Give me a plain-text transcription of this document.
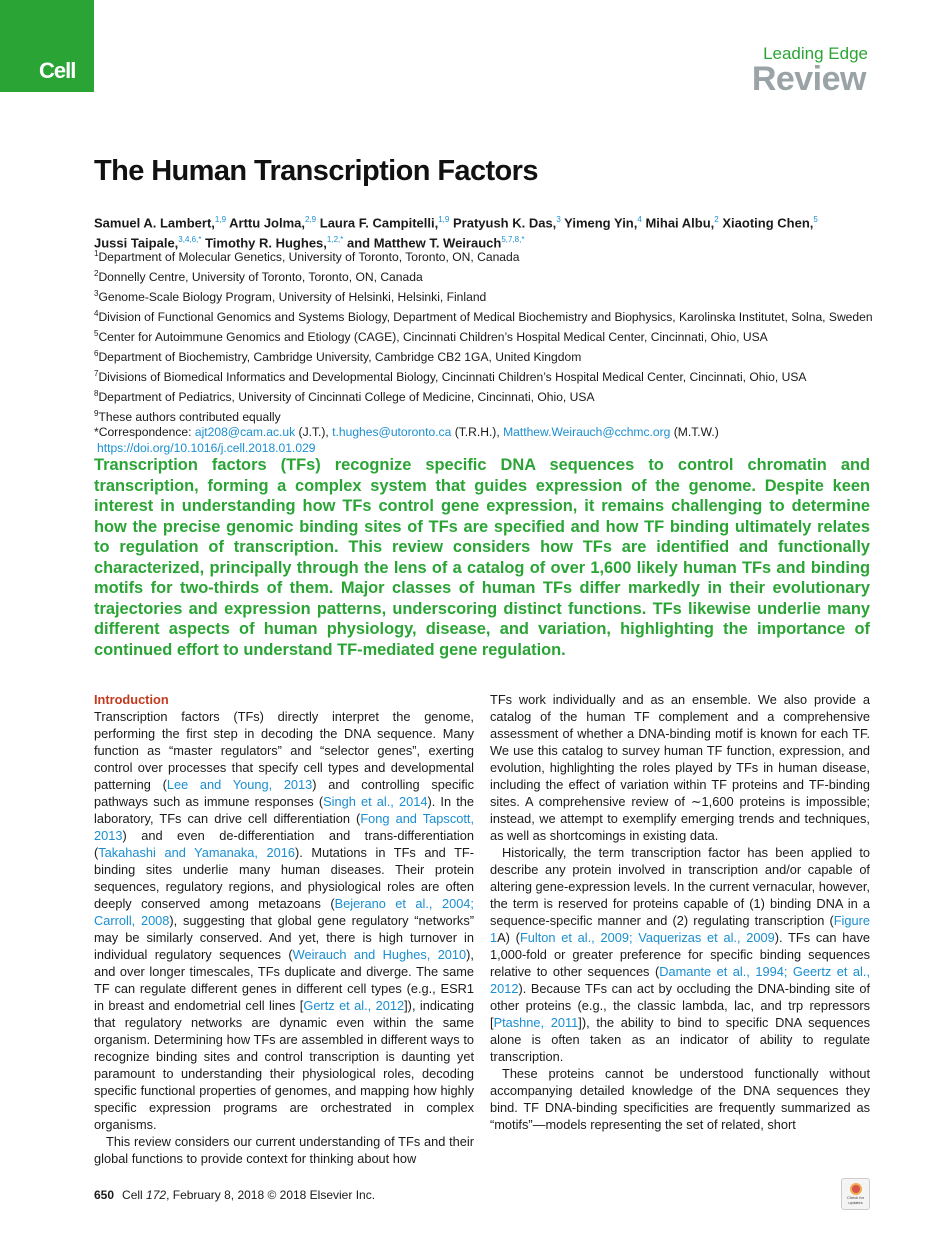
Cell
Leading Edge
Review
The Human Transcription Factors

Samuel A. Lambert,$^{1,9}$ Arttu Jolma,$^{2,9}$ Laura F. Campitelli,$^{1,9}$ Pratyush K. Das,$^3$ Yimeng Yin,$^4$ Mihai Albu,$^2$ Xiaoting Chen,$^5$
Jussi Taipale,$^{3,4,6,*}$ Timothy R. Hughes,$^{1,2,*}$ and Matthew T. Weirauch$^{5,7,8,*}$

$^1$Department of Molecular Genetics, University of Toronto, Toronto, ON, Canada

$^2$Donnelly Centre, University of Toronto, Toronto, ON, Canada

$^3$Genome-Scale Biology Program, University of Helsinki, Helsinki, Finland

$^4$Division of Functional Genomics and Systems Biology, Department of Medical Biochemistry and Biophysics, Karolinska Institutet, Solna, Sweden

$^5$Center for Autoimmune Genomics and Etiology (CAGE), Cincinnati Children’s Hospital Medical Center, Cincinnati, Ohio, USA

$^6$Department of Biochemistry, Cambridge University, Cambridge CB2 1GA, United Kingdom

$^7$Divisions of Biomedical Informatics and Developmental Biology, Cincinnati Children’s Hospital Medical Center, Cincinnati, Ohio, USA

$^8$Department of Pediatrics, University of Cincinnati College of Medicine, Cincinnati, Ohio, USA

$^9$These authors contributed equally

*Correspondence: ajt208@cam.ac.uk (J.T.), t.hughes@utoronto.ca (T.R.H.), Matthew.Weirauch@cchmc.org (M.T.W.)

https://doi.org/10.1016/j.cell.2018.01.029

Transcription factors (TFs) recognize specific DNA sequences to control chromatin and transcription, forming a complex system that guides expression of the genome. Despite keen interest in understanding how TFs control gene expression, it remains challenging to determine how the precise genomic binding sites of TFs are specified and how TF binding ultimately relates to regulation of transcription. This review considers how TFs are identified and functionally characterized, principally through the lens of a catalog of over 1,600 likely human TFs and binding motifs for two-thirds of them. Major classes of human TFs differ markedly in their evolutionary trajectories and expression patterns, underscoring distinct functions. TFs likewise underlie many different aspects of human physiology, disease, and variation, highlighting the importance of continued effort to understand TF-mediated gene regulation.

Introduction

Transcription factors (TFs) directly interpret the genome, performing the first step in decoding the DNA sequence. Many function as “master regulators” and “selector genes”, exerting control over processes that specify cell types and developmental patterning (Lee and Young, 2013) and controlling specific pathways such as immune responses (Singh et al., 2014). In the laboratory, TFs can drive cell differentiation (Fong and Tapscott, 2013) and even de-differentiation and trans-differentiation (Takahashi and Yamanaka, 2016). Mutations in TFs and TF-binding sites underlie many human diseases. Their protein sequences, regulatory regions, and physiological roles are often deeply conserved among metazoans (Bejerano et al., 2004; Carroll, 2008), suggesting that global gene regulatory “networks” may be similarly conserved. And yet, there is high turnover in individual regulatory sequences (Weirauch and Hughes, 2010), and over longer timescales, TFs duplicate and diverge. The same TF can regulate different genes in different cell types (e.g., ESR1 in breast and endometrial cell lines [Gertz et al., 2012]), indicating that regulatory networks are dynamic even within the same organism. Determining how TFs are assembled in different ways to recognize binding sites and control transcription is daunting yet paramount to understanding their physiological roles, decoding specific functional properties of genomes, and mapping how highly specific expression programs are orchestrated in complex organisms.

This review considers our current understanding of TFs and their global functions to provide context for thinking about how

TFs work individually and as an ensemble. We also provide a catalog of the human TF complement and a comprehensive assessment of whether a DNA-binding motif is known for each TF. We use this catalog to survey human TF function, expression, and evolution, highlighting the roles played by TFs in human disease, including the effect of variation within TF proteins and TF-binding sites. A comprehensive review of ∼1,600 proteins is impossible; instead, we attempt to exemplify emerging trends and techniques, as well as shortcomings in existing data.

Historically, the term transcription factor has been applied to describe any protein involved in transcription and/or capable of altering gene-expression levels. In the current vernacular, however, the term is reserved for proteins capable of (1) binding DNA in a sequence-specific manner and (2) regulating transcription (Figure 1A) (Fulton et al., 2009; Vaquerizas et al., 2009). TFs can have 1,000-fold or greater preference for specific binding sequences relative to other sequences (Damante et al., 1994; Geertz et al., 2012). Because TFs can act by occluding the DNA-binding site of other proteins (e.g., the classic lambda, lac, and trp repressors [Ptashne, 2011]), the ability to bind to specific DNA sequences alone is often taken as an indicator of ability to regulate transcription.

These proteins cannot be understood functionally without accompanying detailed knowledge of the DNA sequences they bind. TF DNA-binding specificities are frequently summarized as “motifs”—models representing the set of related, short

650 Cell 172, February 8, 2018 © 2018 Elsevier Inc.	Check for updates
